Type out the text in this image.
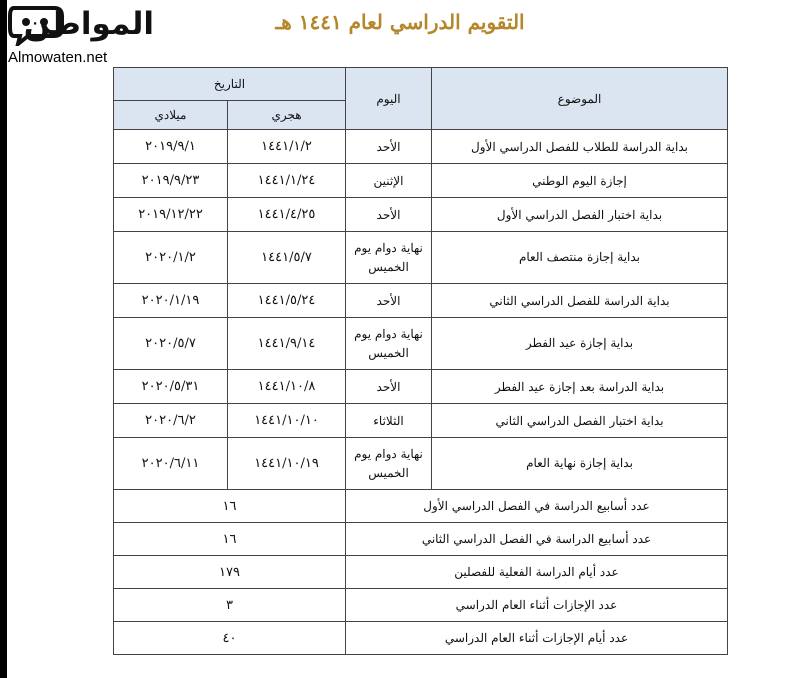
المواطن
Almowaten.net
التقويم الدراسي لعام ١٤٤١ هـ
الموضوع	اليوم	التاريخ	
		هجري	ميلادي
بداية الدراسة للطلاب للفصل الدراسي الأول	الأحد	١٤٤١/١/٢	٢٠١٩/٩/١
إجازة اليوم الوطني	الإثنين	١٤٤١/١/٢٤	٢٠١٩/٩/٢٣
بداية اختبار الفصل الدراسي الأول	الأحد	١٤٤١/٤/٢٥	٢٠١٩/١٢/٢٢
بداية إجازة منتصف العام	نهاية دوام يوم الخميس	١٤٤١/٥/٧	٢٠٢٠/١/٢
بداية الدراسة للفصل الدراسي الثاني	الأحد	١٤٤١/٥/٢٤	٢٠٢٠/١/١٩
بداية إجازة عيد الفطر	نهاية دوام يوم الخميس	١٤٤١/٩/١٤	٢٠٢٠/٥/٧
بداية الدراسة بعد إجازة عيد الفطر	الأحد	١٤٤١/١٠/٨	٢٠٢٠/٥/٣١
بداية اختبار الفصل الدراسي الثاني	الثلاثاء	١٤٤١/١٠/١٠	٢٠٢٠/٦/٢
بداية إجازة نهاية العام	نهاية دوام يوم الخميس	١٤٤١/١٠/١٩	٢٠٢٠/٦/١١
عدد أسابيع الدراسة في الفصل الدراسي الأول		١٦	
عدد أسابيع الدراسة في الفصل الدراسي الثاني		١٦	
عدد أيام الدراسة الفعلية للفصلين		١٧٩	
عدد الإجازات أثناء العام الدراسي		٣	
عدد أيام الإجازات أثناء العام الدراسي		٤٠	
